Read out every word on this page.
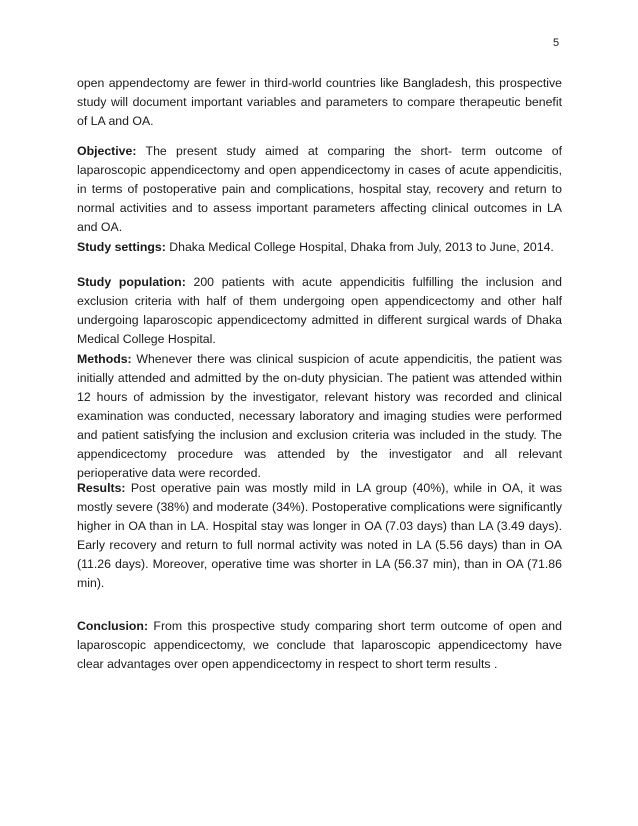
5

open appendectomy are fewer in third-world countries like Bangladesh, this prospective study will document important variables and parameters to compare therapeutic benefit of LA and OA.

Objective: The present study aimed at comparing the short- term outcome of laparoscopic appendicectomy and open appendicectomy in cases of acute appendicitis, in terms of postoperative pain and complications, hospital stay, recovery and return to normal activities and to assess important parameters affecting clinical outcomes in LA and OA.

Study settings: Dhaka Medical College Hospital, Dhaka from July, 2013 to June, 2014.

Study population: 200 patients with acute appendicitis fulfilling the inclusion and exclusion criteria with half of them undergoing open appendicectomy and other half undergoing laparoscopic appendicectomy admitted in different surgical wards of Dhaka Medical College Hospital.

Methods: Whenever there was clinical suspicion of acute appendicitis, the patient was initially attended and admitted by the on-duty physician. The patient was attended within 12 hours of admission by the investigator, relevant history was recorded and clinical examination was conducted, necessary laboratory and imaging studies were performed and patient satisfying the inclusion and exclusion criteria was included in the study. The appendicectomy procedure was attended by the investigator and all relevant perioperative data were recorded.

Results: Post operative pain was mostly mild in LA group (40%), while in OA, it was mostly severe (38%) and moderate (34%). Postoperative complications were significantly higher in OA than in LA. Hospital stay was longer in OA (7.03 days) than LA (3.49 days). Early recovery and return to full normal activity was noted in LA (5.56 days) than in OA (11.26 days). Moreover, operative time was shorter in LA (56.37 min), than in OA (71.86 min).

Conclusion: From this prospective study comparing short term outcome of open and laparoscopic appendicectomy, we conclude that laparoscopic appendicectomy have clear advantages over open appendicectomy in respect to short term results .
